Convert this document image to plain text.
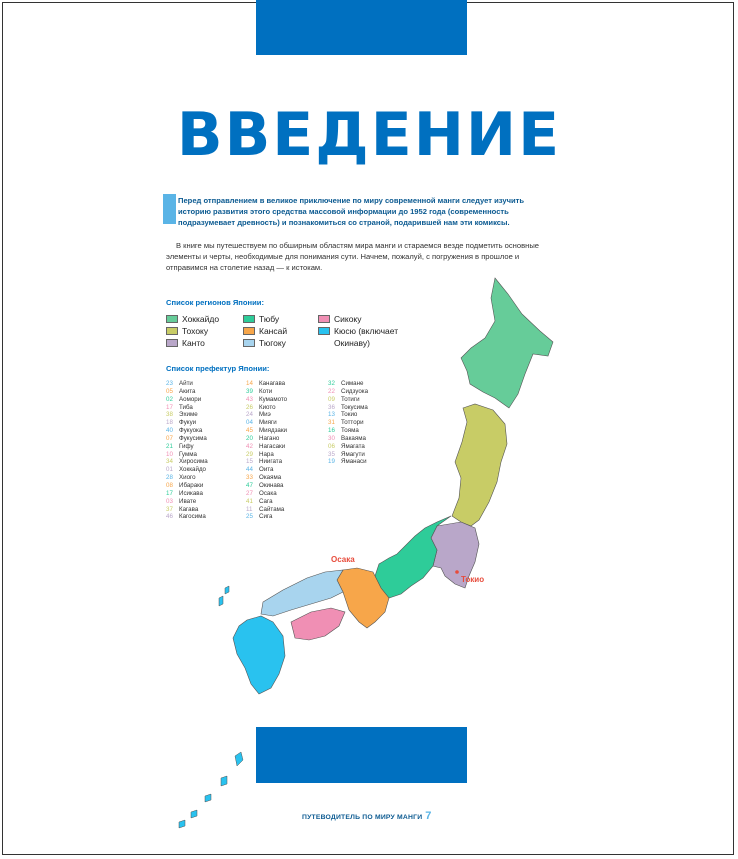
ВВЕДЕНИЕ

Перед отправлением в великое приключение по миру современной манги следует изучить историю развития этого средства массовой информации до 1952 года (современность подразумевает древность) и познакомиться со страной, подарившей нам эти комиксы.

В книге мы путешествуем по обширным областям мира манги и стараемся везде подметить основные элементы и черты, необходимые для понимания сути. Начнем, пожалуй, с погружения в прошлое и отправимся на столетие назад — к истокам.

Список регионов Японии:

Хоккайдо
Тохоку
Канто
Тюбу
Кансай
Тюгоку
Сикоку
Кюсю (включает
Окинаву)

Список префектур Японии:

23 Айти
05 Акита
02 Аомори
17 Тиба
38 Эхиме
18 Фукуи
40 Фукуока
07 Фукусима
21 Гифу
10 Гумма
34 Хиросима
01 Хоккайдо
28 Хиого
08 Ибараки
17 Исикава
03 Ивате
37 Кагава
46 Кагосима
14 Канагава
39 Коти
43 Кумамото
26 Киото
24 Миэ
04 Мияги
45 Миядзаки
20 Нагано
42 Нагасаки
29 Нара
15 Ниигата
44 Оита
33 Окаяма
47 Окинава
27 Осака
41 Сага
11 Сайтама
25 Сига
32 Симане
22 Сидзуока
09 Тотиги
36 Токусима
13 Токио
31 Тоттори
16 Тояма
30 Вакаяма
06 Ямагата
35 Ямагути
19 Яманаси
Токио
Осака
ПУТЕВОДИТЕЛЬ ПО МИРУ МАНГИ 7
